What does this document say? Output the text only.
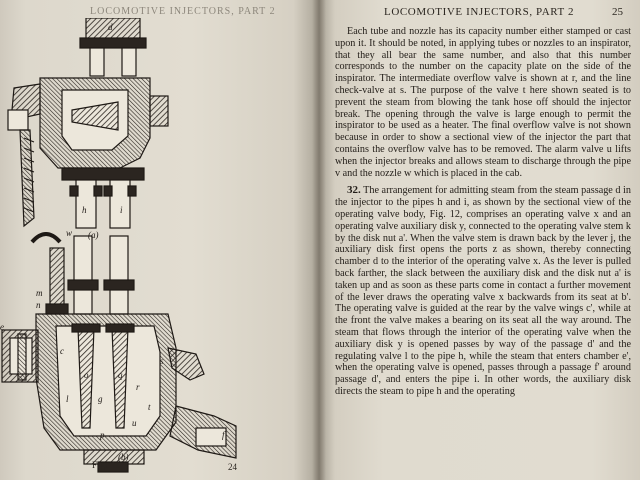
LOCOMOTIVE INJECTORS, PART 2
d
h	i
(a)
w
m
n
e
o	q
r
s
t
u
c
g
l
p	f
(b)
Fig. 11	24
LOCOMOTIVE INJECTORS, PART 2	25

Each tube and nozzle has its capacity number either stamped or cast upon it. It should be noted, in applying tubes or nozzles to an inspirator, that they all bear the same number, and also that this number corresponds to the number on the capacity plate on the side of the inspirator. The intermediate overflow valve is shown at r, and the line check-valve at s. The purpose of the valve t here shown seated is to prevent the steam from blowing the tank hose off should the injector break. The opening through the valve is large enough to permit the inspirator to be used as a heater. The final overflow valve is not shown because in order to show a sectional view of the injector the part that contains the overflow valve has to be removed. The alarm valve u lifts when the injector breaks and allows steam to discharge through the pipe v and the nozzle w which is placed in the cab.

32. The arrangement for admitting steam from the steam passage d in the injector to the pipes h and i, as shown by the sectional view of the operating valve body, Fig. 12, comprises an operating valve x and an operating valve auxiliary disk y, connected to the operating valve stem k by the disk nut a'. When the valve stem is drawn back by the lever j, the auxiliary disk first opens the ports z as shown, thereby connecting chamber d to the interior of the operating valve x. As the lever is pulled back farther, the slack between the auxiliary disk and the disk nut a' is taken up and as soon as these parts come in contact a further movement of the lever draws the operating valve x backwards from its seat at b'. The operating valve is guided at the rear by the valve wings c', while at the front the valve makes a bearing on its seat all the way around. The steam that flows through the interior of the operating valve when the auxiliary disk y is opened passes by way of the passage d' and the regulating valve l to the pipe h, while the steam that enters chamber e', when the operating valve is opened, passes through a passage f' around passage d', and enters the pipe i. In other words, the auxiliary disk directs the steam to pipe h and the operating
